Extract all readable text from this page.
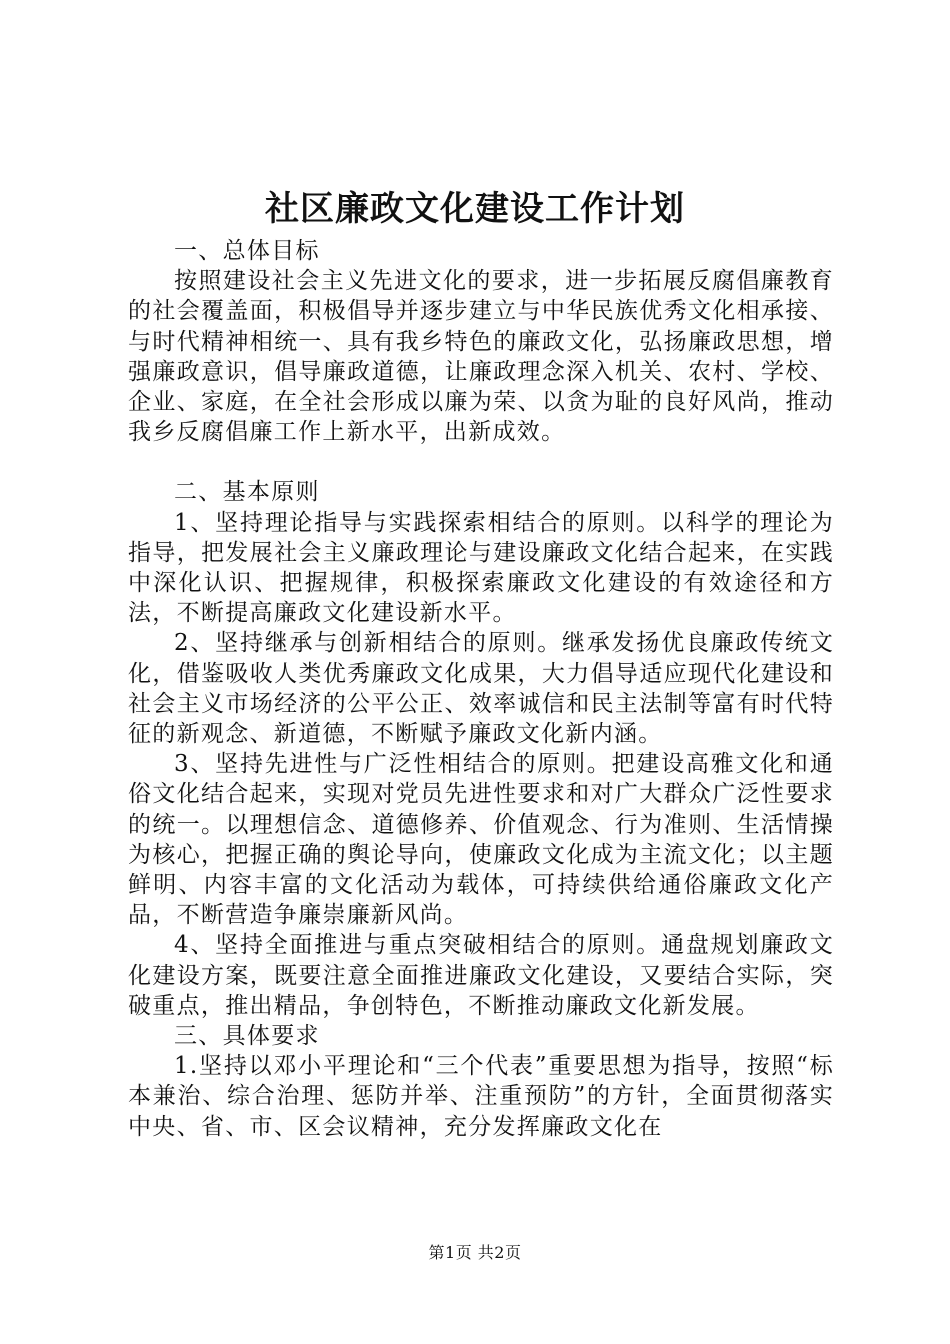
社区廉政文化建设工作计划

一、总体目标

按照建设社会主义先进文化的要求，进一步拓展反腐倡廉教育的社会覆盖面，积极倡导并逐步建立与中华民族优秀文化相承接、与时代精神相统一、具有我乡特色的廉政文化，弘扬廉政思想，增强廉政意识，倡导廉政道德，让廉政理念深入机关、农村、学校、企业、家庭，在全社会形成以廉为荣、以贪为耻的良好风尚，推动我乡反腐倡廉工作上新水平，出新成效。

二、基本原则

1、坚持理论指导与实践探索相结合的原则。以科学的理论为指导，把发展社会主义廉政理论与建设廉政文化结合起来，在实践中深化认识、把握规律，积极探索廉政文化建设的有效途径和方法，不断提高廉政文化建设新水平。

2、坚持继承与创新相结合的原则。继承发扬优良廉政传统文化，借鉴吸收人类优秀廉政文化成果，大力倡导适应现代化建设和社会主义市场经济的公平公正、效率诚信和民主法制等富有时代特征的新观念、新道德，不断赋予廉政文化新内涵。

3、坚持先进性与广泛性相结合的原则。把建设高雅文化和通俗文化结合起来，实现对党员先进性要求和对广大群众广泛性要求的统一。以理想信念、道德修养、价值观念、行为准则、生活情操为核心，把握正确的舆论导向，使廉政文化成为主流文化；以主题鲜明、内容丰富的文化活动为载体，可持续供给通俗廉政文化产品，不断营造争廉崇廉新风尚。

4、坚持全面推进与重点突破相结合的原则。通盘规划廉政文化建设方案，既要注意全面推进廉政文化建设，又要结合实际，突破重点，推出精品，争创特色，不断推动廉政文化新发展。

三、具体要求

1.坚持以邓小平理论和“三个代表”重要思想为指导，按照“标本兼治、综合治理、惩防并举、注重预防”的方针，全面贯彻落实中央、省、市、区会议精神，充分发挥廉政文化在

第1页 共2页
